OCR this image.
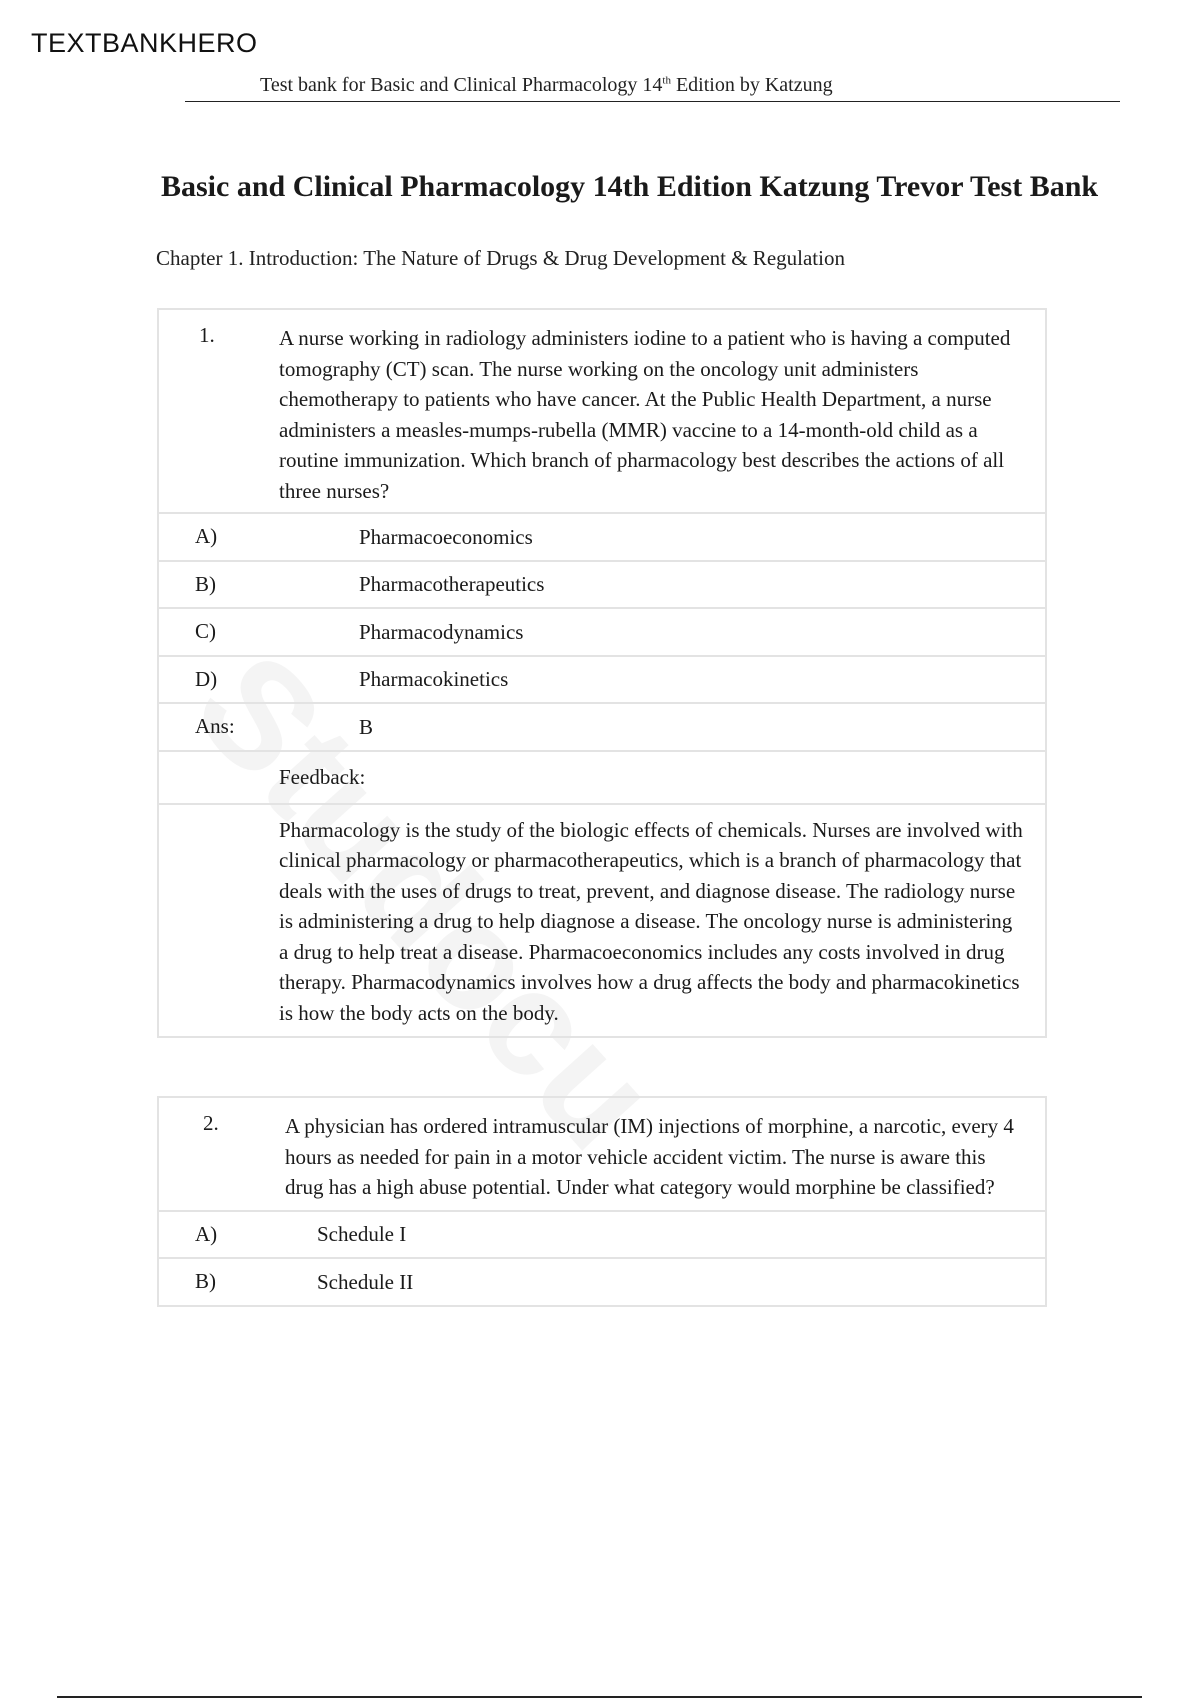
TEXTBANKHERO
Test bank for Basic and Clinical Pharmacology 14th Edition by Katzung
Basic and Clinical Pharmacology 14th Edition Katzung Trevor Test Bank
Chapter 1. Introduction: The Nature of Drugs & Drug Development & Regulation
1.	A nurse working in radiology administers iodine to a patient who is having a computed tomography (CT) scan. The nurse working on the oncology unit administers chemotherapy to patients who have cancer. At the Public Health Department, a nurse administers a measles-mumps-rubella (MMR) vaccine to a 14-month-old child as a routine immunization. Which branch of pharmacology best describes the actions of all three nurses?
A)	Pharmacoeconomics
B)	Pharmacotherapeutics
C)	Pharmacodynamics
D)	Pharmacokinetics
Ans:	B
Feedback:
Pharmacology is the study of the biologic effects of chemicals. Nurses are involved with clinical pharmacology or pharmacotherapeutics, which is a branch of pharmacology that deals with the uses of drugs to treat, prevent, and diagnose disease. The radiology nurse is administering a drug to help diagnose a disease. The oncology nurse is administering a drug to help treat a disease. Pharmacoeconomics includes any costs involved in drug therapy. Pharmacodynamics involves how a drug affects the body and pharmacokinetics is how the body acts on the body.
2.	A physician has ordered intramuscular (IM) injections of morphine, a narcotic, every 4 hours as needed for pain in a motor vehicle accident victim. The nurse is aware this drug has a high abuse potential. Under what category would morphine be classified?
A)	Schedule I
B)	Schedule II
